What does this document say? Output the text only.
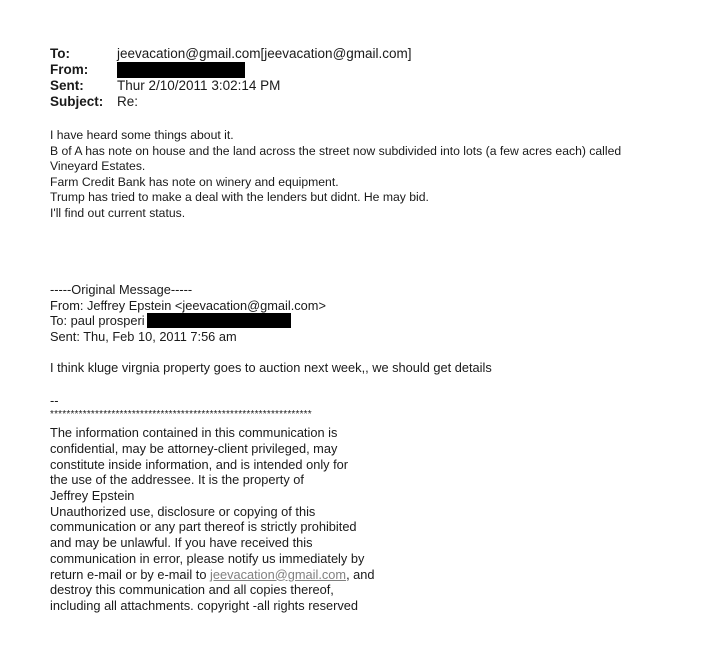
To:	jeevacation@gmail.com[jeevacation@gmail.com]
From:
Sent:	Thur 2/10/2011 3:02:14 PM
Subject:	Re:
I have heard some things about it.
B of A has note on house and the land across the street now subdivided into lots (a few acres each) called
Vineyard Estates.
Farm Credit Bank has note on winery and equipment.
Trump has tried to make a deal with the lenders but didnt. He may bid.
I'll find out current status.
-----Original Message-----
From: Jeffrey Epstein <jeevacation@gmail.com>
To: paul prosperi
Sent: Thu, Feb 10, 2011 7:56 am
I think kluge virgnia property goes to auction next week,, we should get details
--
****************************************************************
The information contained in this communication is
confidential, may be attorney-client privileged, may
constitute inside information, and is intended only for
the use of the addressee. It is the property of
Jeffrey Epstein
Unauthorized use, disclosure or copying of this
communication or any part thereof is strictly prohibited
and may be unlawful. If you have received this
communication in error, please notify us immediately by
return e-mail or by e-mail to jeevacation@gmail.com, and
destroy this communication and all copies thereof,
including all attachments. copyright -all rights reserved
